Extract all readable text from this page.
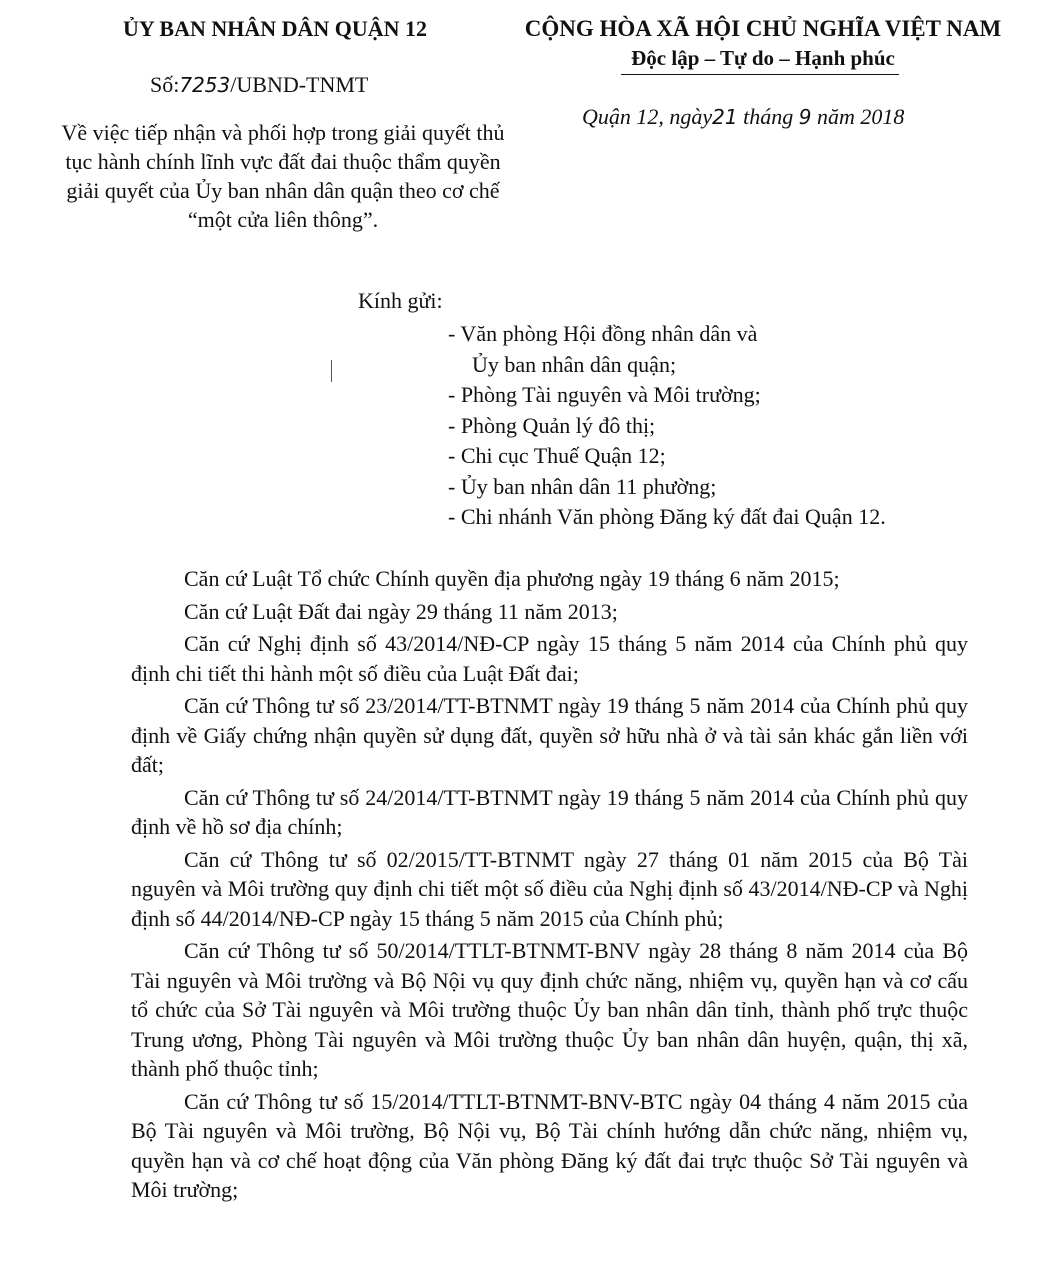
ỦY BAN NHÂN DÂN QUẬN 12
Số:7253/UBND-TNMT
Về việc tiếp nhận và phối hợp trong giải quyết thủ tục hành chính lĩnh vực đất đai thuộc thẩm quyền giải quyết của Ủy ban nhân dân quận theo cơ chế “một cửa liên thông”.
CỘNG HÒA XÃ HỘI CHỦ NGHĨA VIỆT NAM
Độc lập – Tự do – Hạnh phúc
Quận 12, ngày21 tháng 9 năm 2018
Kính gửi:
- Văn phòng Hội đồng nhân dân và
Ủy ban nhân dân quận;
- Phòng Tài nguyên và Môi trường;
- Phòng Quản lý đô thị;
- Chi cục Thuế Quận 12;
- Ủy ban nhân dân 11 phường;
- Chi nhánh Văn phòng Đăng ký đất đai Quận 12.

Căn cứ Luật Tổ chức Chính quyền địa phương ngày 19 tháng 6 năm 2015;

Căn cứ Luật Đất đai ngày 29 tháng 11 năm 2013;

Căn cứ Nghị định số 43/2014/NĐ-CP ngày 15 tháng 5 năm 2014 của Chính phủ quy định chi tiết thi hành một số điều của Luật Đất đai;

Căn cứ Thông tư số 23/2014/TT-BTNMT ngày 19 tháng 5 năm 2014 của Chính phủ quy định về Giấy chứng nhận quyền sử dụng đất, quyền sở hữu nhà ở và tài sản khác gắn liền với đất;

Căn cứ Thông tư số 24/2014/TT-BTNMT ngày 19 tháng 5 năm 2014 của Chính phủ quy định về hồ sơ địa chính;

Căn cứ Thông tư số 02/2015/TT-BTNMT ngày 27 tháng 01 năm 2015 của Bộ Tài nguyên và Môi trường quy định chi tiết một số điều của Nghị định số 43/2014/NĐ-CP và Nghị định số 44/2014/NĐ-CP ngày 15 tháng 5 năm 2015 của Chính phủ;

Căn cứ Thông tư số 50/2014/TTLT-BTNMT-BNV ngày 28 tháng 8 năm 2014 của Bộ Tài nguyên và Môi trường và Bộ Nội vụ quy định chức năng, nhiệm vụ, quyền hạn và cơ cấu tổ chức của Sở Tài nguyên và Môi trường thuộc Ủy ban nhân dân tỉnh, thành phố trực thuộc Trung ương, Phòng Tài nguyên và Môi trường thuộc Ủy ban nhân dân huyện, quận, thị xã, thành phố thuộc tỉnh;

Căn cứ Thông tư số 15/2014/TTLT-BTNMT-BNV-BTC ngày 04 tháng 4 năm 2015 của Bộ Tài nguyên và Môi trường, Bộ Nội vụ, Bộ Tài chính hướng dẫn chức năng, nhiệm vụ, quyền hạn và cơ chế hoạt động của Văn phòng Đăng ký đất đai trực thuộc Sở Tài nguyên và Môi trường;
